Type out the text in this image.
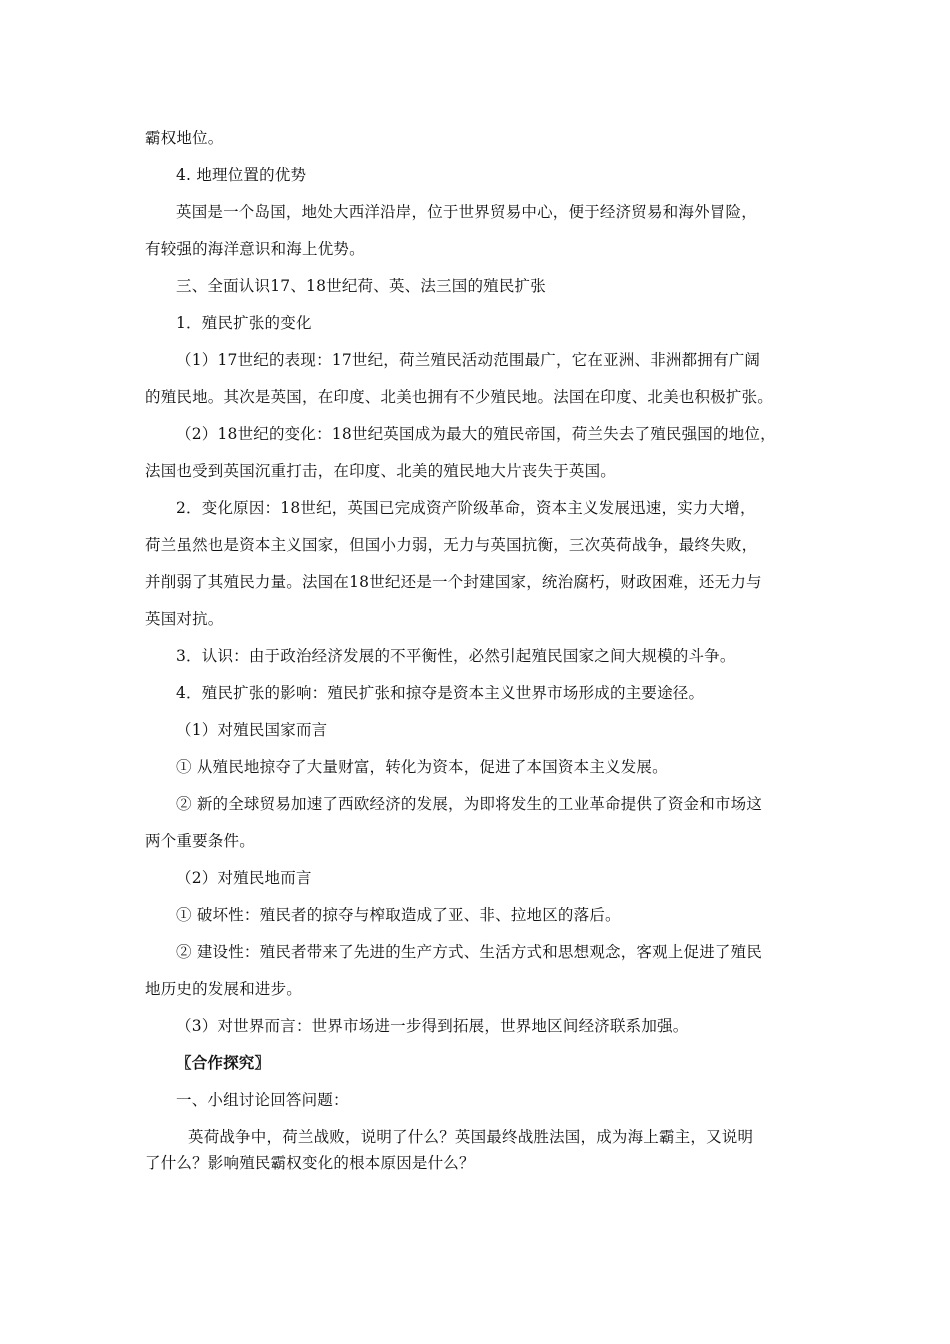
霸权地位。
4. 地理位置的优势
英国是一个岛国，地处大西洋沿岸，位于世界贸易中心，便于经济贸易和海外冒险，
有较强的海洋意识和海上优势。
三、全面认识17、18世纪荷、英、法三国的殖民扩张
1．殖民扩张的变化
（1）17世纪的表现：17世纪，荷兰殖民活动范围最广，它在亚洲、非洲都拥有广阔
的殖民地。其次是英国，在印度、北美也拥有不少殖民地。法国在印度、北美也积极扩张。
（2）18世纪的变化：18世纪英国成为最大的殖民帝国，荷兰失去了殖民强国的地位，
法国也受到英国沉重打击，在印度、北美的殖民地大片丧失于英国。
2．变化原因：18世纪，英国已完成资产阶级革命，资本主义发展迅速，实力大增，
荷兰虽然也是资本主义国家，但国小力弱，无力与英国抗衡，三次英荷战争，最终失败，
并削弱了其殖民力量。法国在18世纪还是一个封建国家，统治腐朽，财政困难，还无力与
英国对抗。
3．认识：由于政治经济发展的不平衡性，必然引起殖民国家之间大规模的斗争。
4．殖民扩张的影响：殖民扩张和掠夺是资本主义世界市场形成的主要途径。
（1）对殖民国家而言
① 从殖民地掠夺了大量财富，转化为资本，促进了本国资本主义发展。
② 新的全球贸易加速了西欧经济的发展，为即将发生的工业革命提供了资金和市场这
两个重要条件。
（2）对殖民地而言
① 破坏性：殖民者的掠夺与榨取造成了亚、非、拉地区的落后。
② 建设性：殖民者带来了先进的生产方式、生活方式和思想观念，客观上促进了殖民
地历史的发展和进步。
（3）对世界而言：世界市场进一步得到拓展，世界地区间经济联系加强。
〖合作探究〗
一、小组讨论回答问题：
英荷战争中，荷兰战败，说明了什么？英国最终战胜法国，成为海上霸主，又说明
了什么？影响殖民霸权变化的根本原因是什么？
